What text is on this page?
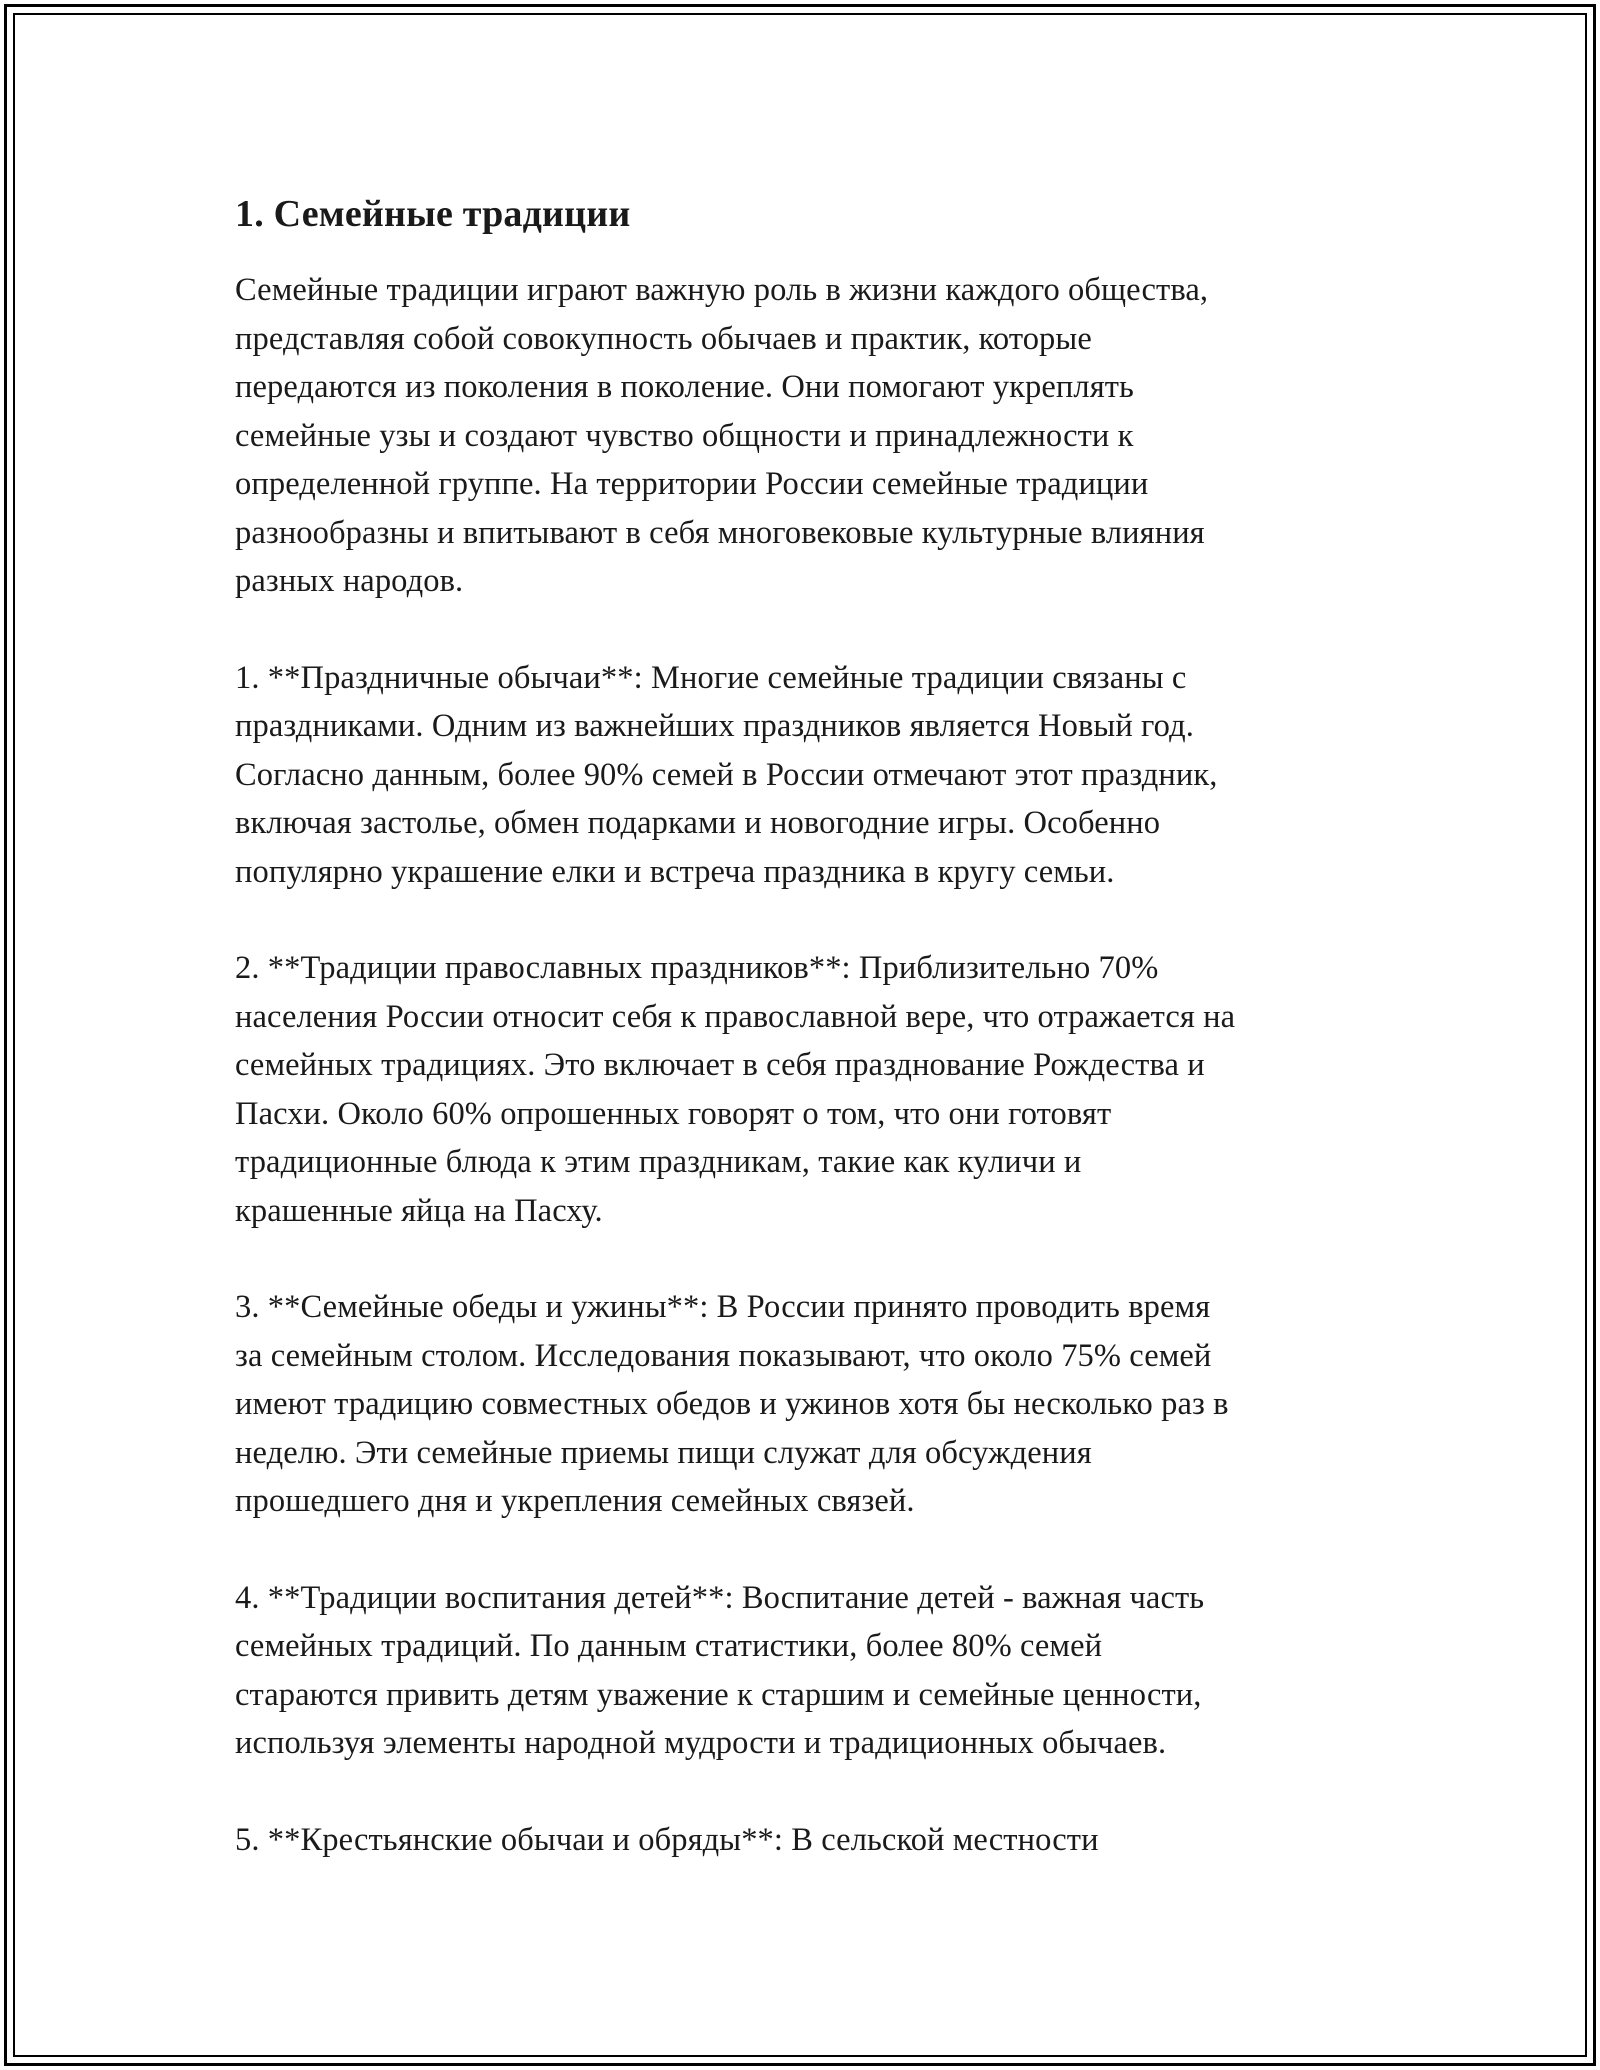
1. Семейные традиции

Семейные традиции играют важную роль в жизни каждого общества,
представляя собой совокупность обычаев и практик, которые
передаются из поколения в поколение. Они помогают укреплять
семейные узы и создают чувство общности и принадлежности к
определенной группе. На территории России семейные традиции
разнообразны и впитывают в себя многовековые культурные влияния
разных народов.

1. **Праздничные обычаи**: Многие семейные традиции связаны с
праздниками. Одним из важнейших праздников является Новый год.
Согласно данным, более 90% семей в России отмечают этот праздник,
включая застолье, обмен подарками и новогодние игры. Особенно
популярно украшение елки и встреча праздника в кругу семьи.

2. **Традиции православных праздников**: Приблизительно 70%
населения России относит себя к православной вере, что отражается на
семейных традициях. Это включает в себя празднование Рождества и
Пасхи. Около 60% опрошенных говорят о том, что они готовят
традиционные блюда к этим праздникам, такие как куличи и
крашенные яйца на Пасху.

3. **Семейные обеды и ужины**: В России принято проводить время
за семейным столом. Исследования показывают, что около 75% семей
имеют традицию совместных обедов и ужинов хотя бы несколько раз в
неделю. Эти семейные приемы пищи служат для обсуждения
прошедшего дня и укрепления семейных связей.

4. **Традиции воспитания детей**: Воспитание детей - важная часть
семейных традиций. По данным статистики, более 80% семей
стараются привить детям уважение к старшим и семейные ценности,
используя элементы народной мудрости и традиционных обычаев.

5. **Крестьянские обычаи и обряды**: В сельской местности
